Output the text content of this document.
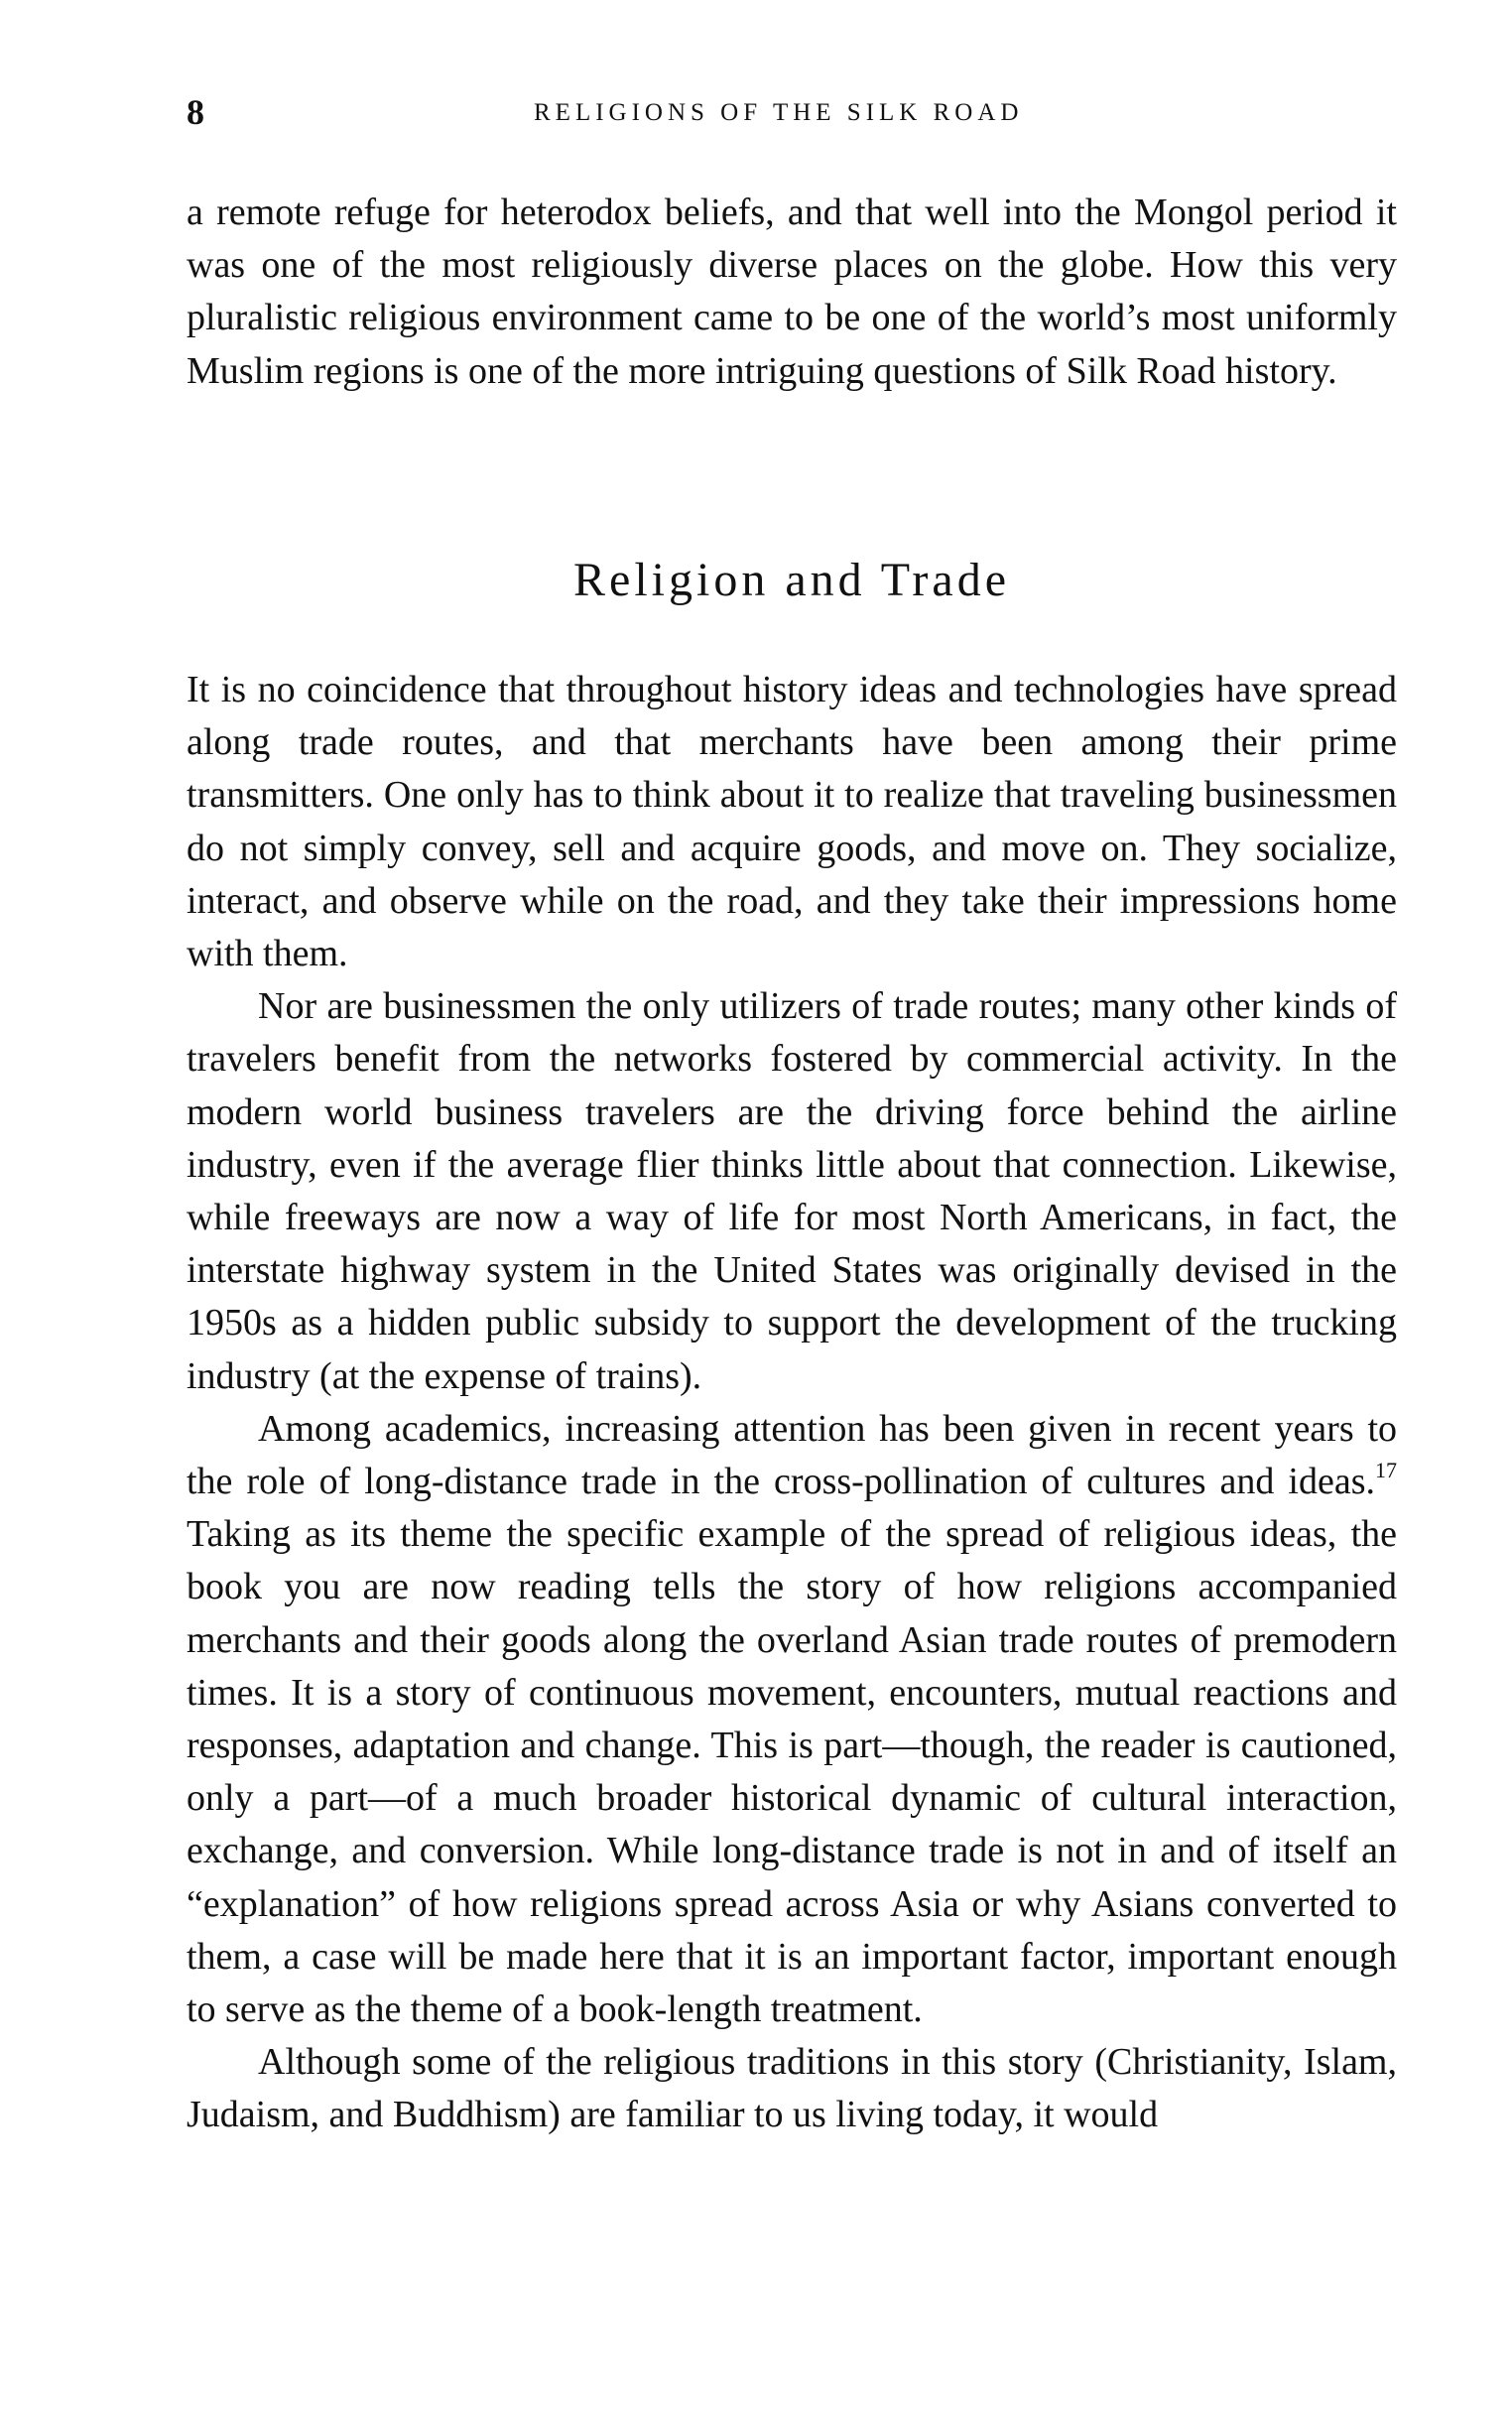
8	RELIGIONS OF THE SILK ROAD

a remote refuge for heterodox beliefs, and that well into the Mongol period it was one of the most religiously diverse places on the globe. How this very pluralistic religious environment came to be one of the world’s most uniformly Muslim regions is one of the more intriguing questions of Silk Road history.

Religion and Trade

It is no coincidence that throughout history ideas and technologies have spread along trade routes, and that merchants have been among their prime transmitters. One only has to think about it to realize that traveling businessmen do not simply convey, sell and acquire goods, and move on. They socialize, interact, and observe while on the road, and they take their impressions home with them.

Nor are businessmen the only utilizers of trade routes; many other kinds of travelers benefit from the networks fostered by commercial activity. In the modern world business travelers are the driving force behind the airline industry, even if the average flier thinks little about that connection. Likewise, while freeways are now a way of life for most North Americans, in fact, the interstate highway system in the United States was originally devised in the 1950s as a hidden public subsidy to support the development of the trucking industry (at the expense of trains).

Among academics, increasing attention has been given in recent years to the role of long-distance trade in the cross-pollination of cultures and ideas.$^{17}$ Taking as its theme the specific example of the spread of religious ideas, the book you are now reading tells the story of how religions accompanied merchants and their goods along the overland Asian trade routes of premodern times. It is a story of continuous movement, encounters, mutual reactions and responses, adaptation and change. This is part—though, the reader is cautioned, only a part—of a much broader historical dynamic of cultural interaction, exchange, and conversion. While long-distance trade is not in and of itself an “explanation” of how religions spread across Asia or why Asians converted to them, a case will be made here that it is an important factor, important enough to serve as the theme of a book-length treatment.

Although some of the religious traditions in this story (Christianity, Islam, Judaism, and Buddhism) are familiar to us living today, it would
